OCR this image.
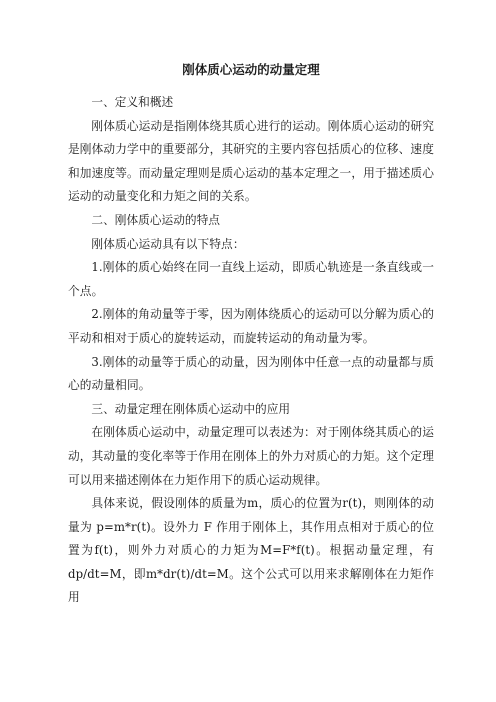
刚体质心运动的动量定理

一、定义和概述

刚体质心运动是指刚体绕其质心进行的运动。刚体质心运动的研究是刚体动力学中的重要部分，其研究的主要内容包括质心的位移、速度和加速度等。而动量定理则是质心运动的基本定理之一，用于描述质心运动的动量变化和力矩之间的关系。

二、刚体质心运动的特点

刚体质心运动具有以下特点：

1.刚体的质心始终在同一直线上运动，即质心轨迹是一条直线或一个点。

2.刚体的角动量等于零，因为刚体绕质心的运动可以分解为质心的平动和相对于质心的旋转运动，而旋转运动的角动量为零。

3.刚体的动量等于质心的动量，因为刚体中任意一点的动量都与质心的动量相同。

三、动量定理在刚体质心运动中的应用

在刚体质心运动中，动量定理可以表述为：对于刚体绕其质心的运动，其动量的变化率等于作用在刚体上的外力对质心的力矩。这个定理可以用来描述刚体在力矩作用下的质心运动规律。

具体来说，假设刚体的质量为m，质心的位置为r(t)，则刚体的动量为 p=m*r(t)。设外力 F 作用于刚体上，其作用点相对于质心的位置为f(t)，则外力对质心的力矩为M=F*f(t)。根据动量定理，有dp/dt=M，即m*dr(t)/dt=M。这个公式可以用来求解刚体在力矩作用
